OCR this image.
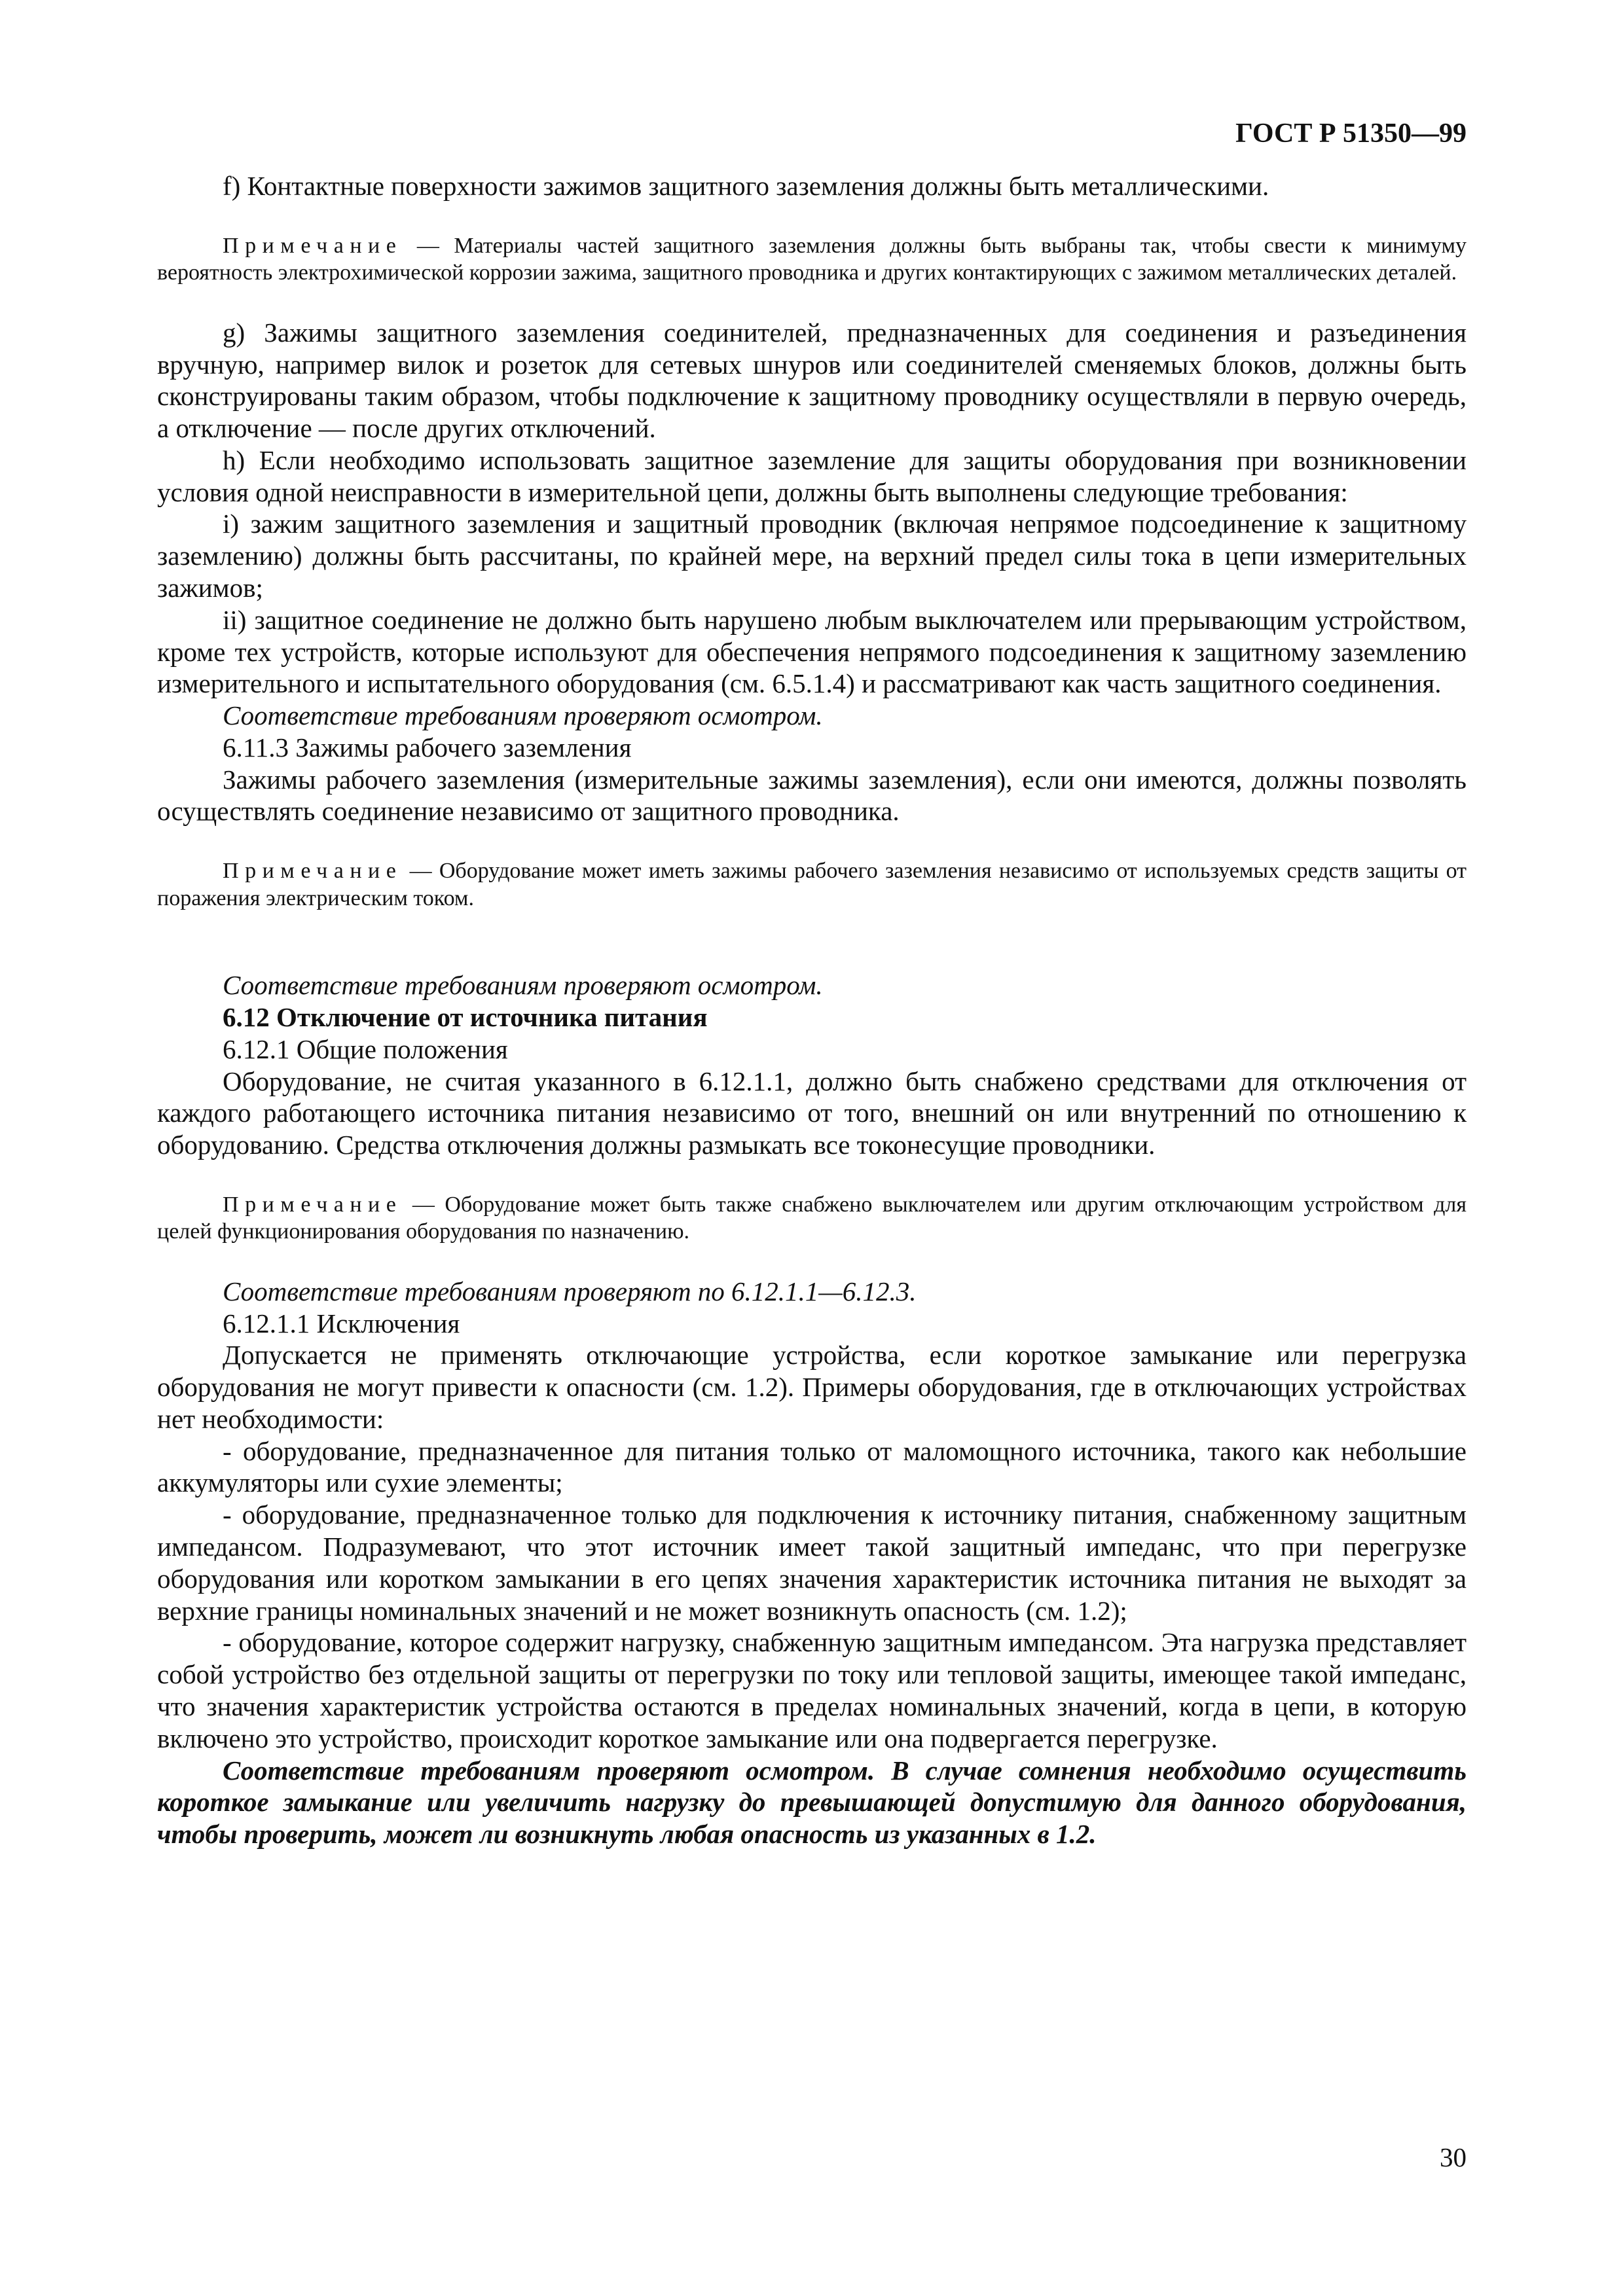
ГОСТ Р 51350—99

f) Контактные поверхности зажимов защитного заземления должны быть металлическими.

Примечание — Материалы частей защитного заземления должны быть выбраны так, чтобы свести к минимуму вероятность электрохимической коррозии зажима, защитного проводника и других контактирующих с зажимом металлических деталей.

g) Зажимы защитного заземления соединителей, предназначенных для соединения и разъединения вручную, например вилок и розеток для сетевых шнуров или соединителей сменяемых блоков, должны быть сконструированы таким образом, чтобы подключение к защитному проводнику осуществляли в первую очередь, а отключение — после других отключений.

h) Если необходимо использовать защитное заземление для защиты оборудования при возникновении условия одной неисправности в измерительной цепи, должны быть выполнены следующие требования:

i) зажим защитного заземления и защитный проводник (включая непрямое подсоединение к защитному заземлению) должны быть рассчитаны, по крайней мере, на верхний предел силы тока в цепи измерительных зажимов;

ii) защитное соединение не должно быть нарушено любым выключателем или прерывающим устройством, кроме тех устройств, которые используют для обеспечения непрямого подсоединения к защитному заземлению измерительного и испытательного оборудования (см. 6.5.1.4) и рассматривают как часть защитного соединения.

Соответствие требованиям проверяют осмотром.

6.11.3 Зажимы рабочего заземления

Зажимы рабочего заземления (измерительные зажимы заземления), если они имеются, должны позволять осуществлять соединение независимо от защитного проводника.

Примечание — Оборудование может иметь зажимы рабочего заземления независимо от используемых средств защиты от поражения электрическим током.

Соответствие требованиям проверяют осмотром.

6.12 Отключение от источника питания

6.12.1 Общие положения

Оборудование, не считая указанного в 6.12.1.1, должно быть снабжено средствами для отключения от каждого работающего источника питания независимо от того, внешний он или внутренний по отношению к оборудованию. Средства отключения должны размыкать все токонесущие проводники.

Примечание — Оборудование может быть также снабжено выключателем или другим отключающим устройством для целей функционирования оборудования по назначению.

Соответствие требованиям проверяют по 6.12.1.1—6.12.3.

6.12.1.1 Исключения

Допускается не применять отключающие устройства, если короткое замыкание или перегрузка оборудования не могут привести к опасности (см. 1.2). Примеры оборудования, где в отключающих устройствах нет необходимости:

- оборудование, предназначенное для питания только от маломощного источника, такого как небольшие аккумуляторы или сухие элементы;

- оборудование, предназначенное только для подключения к источнику питания, снабженному защитным импедансом. Подразумевают, что этот источник имеет такой защитный импеданс, что при перегрузке оборудования или коротком замыкании в его цепях значения характеристик источника питания не выходят за верхние границы номинальных значений и не может возникнуть опасность (см. 1.2);

- оборудование, которое содержит нагрузку, снабженную защитным импедансом. Эта нагрузка представляет собой устройство без отдельной защиты от перегрузки по току или тепловой защиты, имеющее такой импеданс, что значения характеристик устройства остаются в пределах номинальных значений, когда в цепи, в которую включено это устройство, происходит короткое замыкание или она подвергается перегрузке.

Соответствие требованиям проверяют осмотром. В случае сомнения необходимо осуществить короткое замыкание или увеличить нагрузку до превышающей допустимую для данного оборудования, чтобы проверить, может ли возникнуть любая опасность из указанных в 1.2.

30
